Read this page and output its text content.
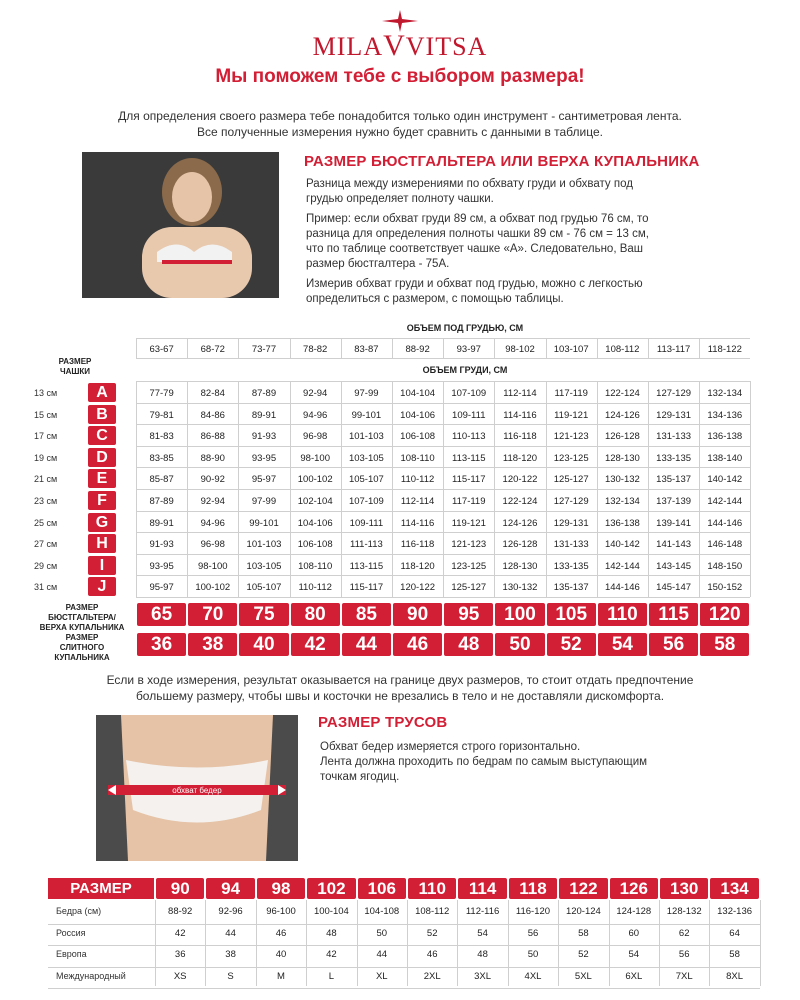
MILAVVITSA
Мы поможем тебе с выбором размера!
Для определения своего размера тебе понадобится только один инструмент - сантиметровая лента.
Все полученные измерения нужно будет сравнить с данными в таблице.
РАЗМЕР БЮСТГАЛЬТЕРА ИЛИ ВЕРХА КУПАЛЬНИКА
Разница между измерениями по обхвату груди и обхвату под
грудью определяет полноту чашки.
Пример: если обхват груди 89 см, а обхват под грудью 76 см, то
разница для определения полноты чашки 89 см - 76 см = 13 см,
что по таблице соответствует чашке «А». Следовательно, Ваш
размер бюстгалтера - 75А.
Измерив обхват груди и обхват под грудью, можно с легкостью
определиться с размером, с помощью таблицы.
ОБЪЕМ ПОД ГРУДЬЮ, СМ
63-67	68-72	73-77	78-82	83-87	88-92	93-97	98-102	103-107	108-112	113-117	118-122
РАЗМЕР
ЧАШКИ	ОБЪЕМ ГРУДИ, СМ
13 см	A	77-79	82-84	87-89	92-94	97-99	104-104	107-109	112-114	117-119	122-124	127-129	132-134
15 см	B	79-81	84-86	89-91	94-96	99-101	104-106	109-111	114-116	119-121	124-126	129-131	134-136
17 см	C	81-83	86-88	91-93	96-98	101-103	106-108	110-113	116-118	121-123	126-128	131-133	136-138
19 см	D	83-85	88-90	93-95	98-100	103-105	108-110	113-115	118-120	123-125	128-130	133-135	138-140
21 см	E	85-87	90-92	95-97	100-102	105-107	110-112	115-117	120-122	125-127	130-132	135-137	140-142
23 см	F	87-89	92-94	97-99	102-104	107-109	112-114	117-119	122-124	127-129	132-134	137-139	142-144
25 см	G	89-91	94-96	99-101	104-106	109-111	114-116	119-121	124-126	129-131	136-138	139-141	144-146
27 см	H	91-93	96-98	101-103	106-108	111-113	116-118	121-123	126-128	131-133	140-142	141-143	146-148
29 см	I	93-95	98-100	103-105	108-110	113-115	118-120	123-125	128-130	133-135	142-144	143-145	148-150
31 см	J	95-97	100-102	105-107	110-112	115-117	120-122	125-127	130-132	135-137	144-146	145-147	150-152
РАЗМЕР
БЮСТГАЛЬТЕРА/
ВЕРХА КУПАЛЬНИКА
РАЗМЕР
СЛИТНОГО
КУПАЛЬНИКА
65	70	75	80	85	90	95	100	105	110	115	120
36	38	40	42	44	46	48	50	52	54	56	58
Если в ходе измерения, результат оказывается на границе двух размеров, то стоит отдать предпочтение
большему размеру, чтобы швы и косточки не врезались в тело и не доставляли дискомфорта.
обхват бедер
РАЗМЕР ТРУСОВ
Обхват бедер измеряется строго горизонтально.
Лента должна проходить по бедрам по самым выступающим
точкам ягодиц.
РАЗМЕР	90	94	98	102	106	110	114	118	122	126	130	134
Бедра (см)	88-92	92-96	96-100	100-104	104-108	108-112	112-116	116-120	120-124	124-128	128-132	132-136
Россия	42	44	46	48	50	52	54	56	58	60	62	64
Европа	36	38	40	42	44	46	48	50	52	54	56	58
Международный	XS	S	M	L	XL	2XL	3XL	4XL	5XL	6XL	7XL	8XL
